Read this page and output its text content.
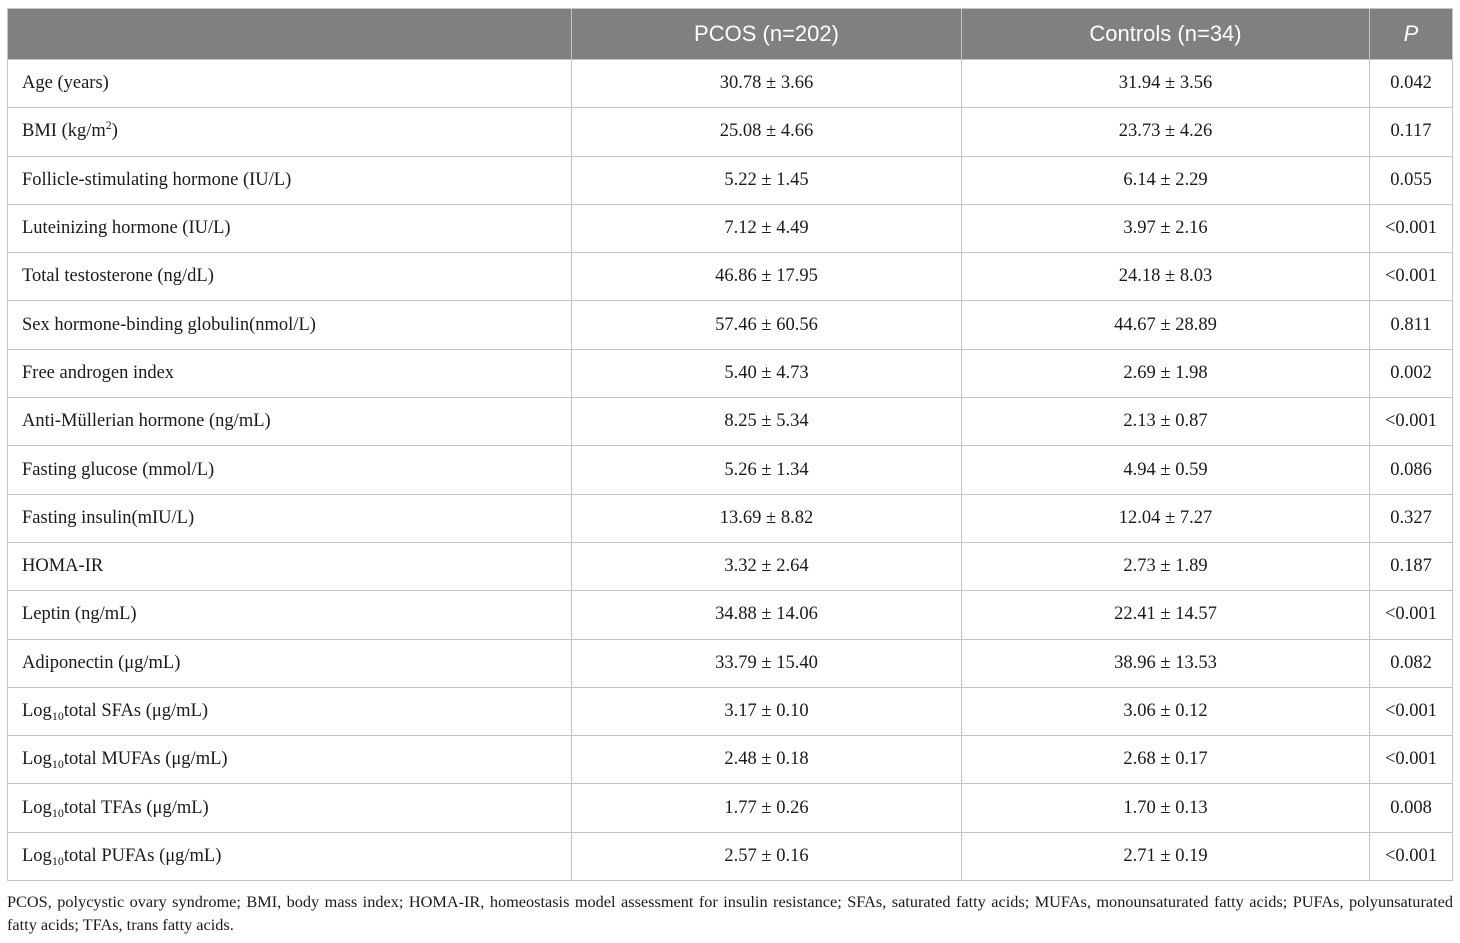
	PCOS (n=202)	Controls (n=34)	P
Age (years)	30.78 ± 3.66	31.94 ± 3.56	0.042
BMI $(kg/m^2)$	25.08 ± 4.66	23.73 ± 4.26	0.117
Follicle-stimulating hormone (IU/L)	5.22 ± 1.45	6.14 ± 2.29	0.055
Luteinizing hormone (IU/L)	7.12 ± 4.49	3.97 ± 2.16	<0.001
Total testosterone (ng/dL)	46.86 ± 17.95	24.18 ± 8.03	<0.001
Sex hormone-binding globulin(nmol/L)	57.46 ± 60.56	44.67 ± 28.89	0.811
Free androgen index	5.40 ± 4.73	2.69 ± 1.98	0.002
Anti-Müllerian hormone (ng/mL)	8.25 ± 5.34	2.13 ± 0.87	<0.001
Fasting glucose (mmol/L)	5.26 ± 1.34	4.94 ± 0.59	0.086
Fasting insulin(mIU/L)	13.69 ± 8.82	12.04 ± 7.27	0.327
HOMA-IR	3.32 ± 2.64	2.73 ± 1.89	0.187
Leptin (ng/mL)	34.88 ± 14.06	22.41 ± 14.57	<0.001
Adiponectin (μg/mL)	33.79 ± 15.40	38.96 ± 13.53	0.082
Log$_{10}$total SFAs (μg/mL)	3.17 ± 0.10	3.06 ± 0.12	<0.001
Log$_{10}$total MUFAs (μg/mL)	2.48 ± 0.18	2.68 ± 0.17	<0.001
Log$_{10}$total TFAs (μg/mL)	1.77 ± 0.26	1.70 ± 0.13	0.008
Log$_{10}$total PUFAs (μg/mL)	2.57 ± 0.16	2.71 ± 0.19	<0.001

PCOS, polycystic ovary syndrome; BMI, body mass index; HOMA-IR, homeostasis model assessment for insulin resistance; SFAs, saturated fatty acids; MUFAs, monounsaturated fatty acids; PUFAs, polyunsaturated fatty acids; TFAs, trans fatty acids.
